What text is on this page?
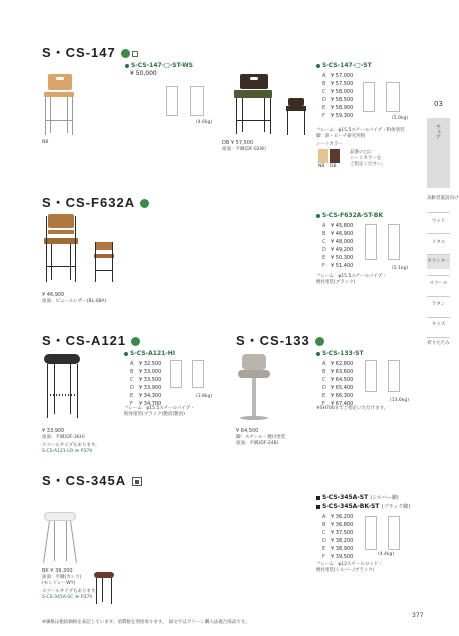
S・CS-147
NB
S-CS-147-□-ST-WS
¥ 50,000
(4.6kg)
S-CS-147-□-ST
A	¥ 57,000
B	¥ 57,500
C	¥ 58,000
D	¥ 58,500
E	¥ 58,900
F	¥ 59,300	(5.0kg)
フレーム：φ15.5スチールパイプ・粉体塗装
脚：鉄・ピーチ研究所粉
シートカラー
NB DB
品番の□に
シートカラーを
ご指定ください。
DB ¥ 57,500
座面：平織(DF-02W)
S・CS-F632A
¥ 46,900
座面：ビニールレザー(BL-08A)
S-CS-F632A-ST-BK
A	¥ 45,800
B	¥ 46,900
C	¥ 48,000
D	¥ 49,200
E	¥ 50,300
F	¥ 51,400	(5.1kg)
フレーム：φ15.5スチールパイプ・
焼付塗装(ブラック)
S・CS-A121
¥ 33,900
座面：平織(DF-36H)
スツールタイプもあります。
S-CS-A121-LO ≫ P379
S-CS-A121-HI
A	¥ 32,500
B	¥ 33,000
C	¥ 33,500
D	¥ 33,900
E	¥ 34,300
F	¥ 34,700
(3.8kg)
フレーム：φ15.5スチールパイプ・
粉体塗装(ブラック)艶消(艶消)
S・CS-133
¥ 64,500
脚：スチール・焼付塗装
座面：平織(DF-24B)
S-CS-133-ST
A	¥ 62,800
B	¥ 63,600
C	¥ 64,500
D	¥ 65,400
E	¥ 66,300
F	¥ 67,400
(13.6kg)
※SH700までご指定いただけます。
S・CS-345A
BK ¥ 39,300
座面：平織(カシワ)
(モンドレーWY)
スツールタイプもあります。
S-CS-345A-SC ≫ P379
S-CS-345A-ST (シルバー脚)
S-CS-345A-BK-ST (ブラック脚)
A	¥ 36,200
B	¥ 36,800
C	¥ 37,500
D	¥ 38,200
E	¥ 38,900
F	¥ 39,500	(4.4kg)
フレーム：φ12スチールロッド・
焼付塗装(シルバー/ブラック)
03
チェア
高齢者施設向け
ウッド
メタル
カウンター
スツール
ラタン
キッズ
折りたたみ
※価格は税抜価格を表記しています。消費税を別途承ります。　緑文字はグリーン購入法適合商品です。
377
